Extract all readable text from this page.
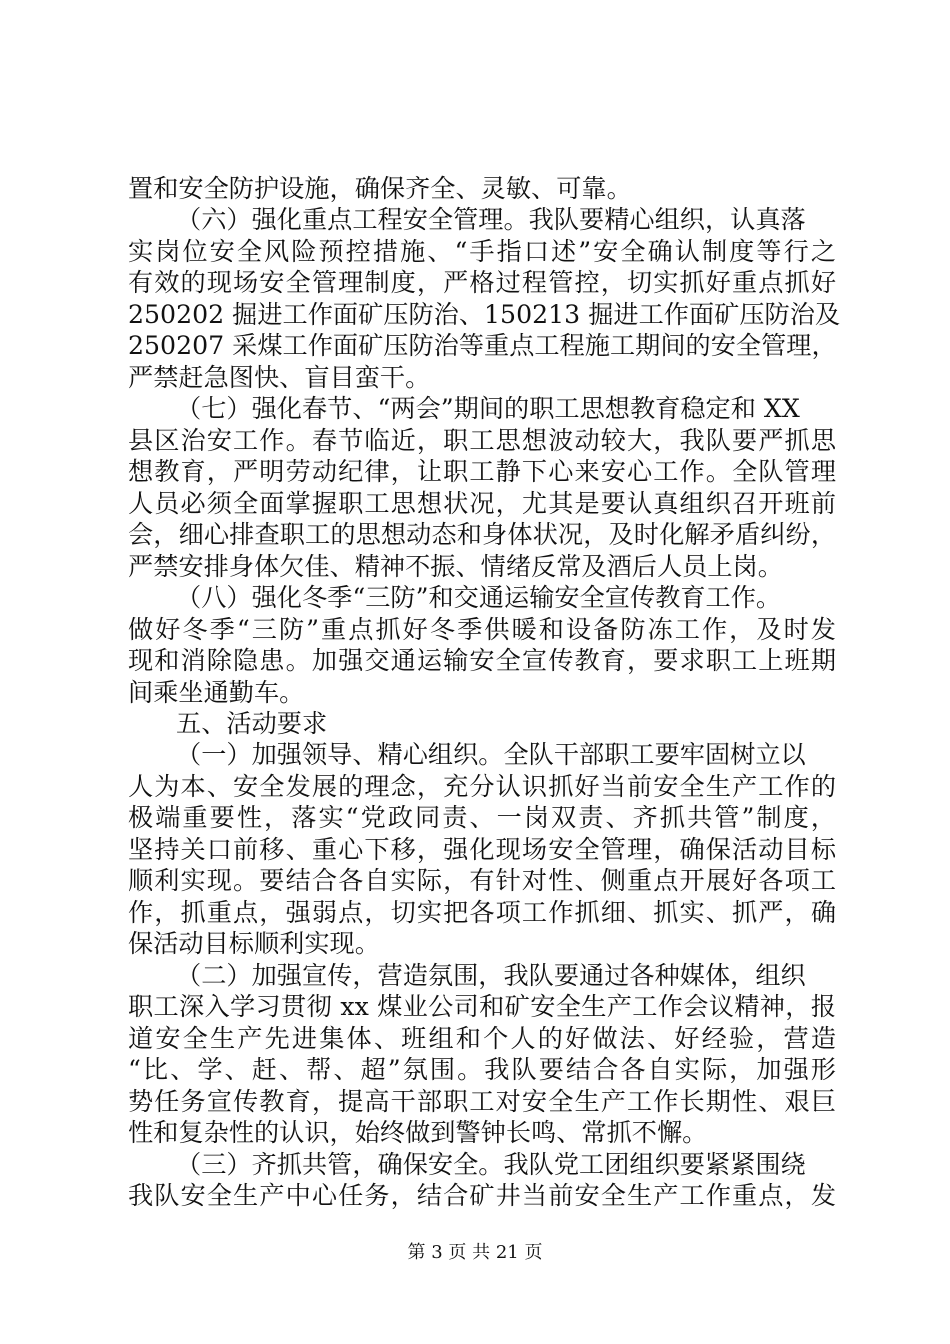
置和安全防护设施，确保齐全、灵敏、可靠。
（六）强化重点工程安全管理。我队要精心组织，认真落
实岗位安全风险预控措施、“手指口述”安全确认制度等行之
有效的现场安全管理制度，严格过程管控，切实抓好重点抓好
250202 掘进工作面矿压防治、150213 掘进工作面矿压防治及
250207 采煤工作面矿压防治等重点工程施工期间的安全管理，
严禁赶急图快、盲目蛮干。
（七）强化春节、“两会”期间的职工思想教育稳定和 XX
县区治安工作。春节临近，职工思想波动较大，我队要严抓思
想教育，严明劳动纪律，让职工静下心来安心工作。全队管理
人员必须全面掌握职工思想状况，尤其是要认真组织召开班前
会，细心排查职工的思想动态和身体状况，及时化解矛盾纠纷，
严禁安排身体欠佳、精神不振、情绪反常及酒后人员上岗。
（八）强化冬季“三防”和交通运输安全宣传教育工作。
做好冬季“三防”重点抓好冬季供暖和设备防冻工作，及时发
现和消除隐患。加强交通运输安全宣传教育，要求职工上班期
间乘坐通勤车。
五、活动要求
（一）加强领导、精心组织。全队干部职工要牢固树立以
人为本、安全发展的理念，充分认识抓好当前安全生产工作的
极端重要性，落实“党政同责、一岗双责、齐抓共管”制度，
坚持关口前移、重心下移，强化现场安全管理，确保活动目标
顺利实现。要结合各自实际，有针对性、侧重点开展好各项工
作，抓重点，强弱点，切实把各项工作抓细、抓实、抓严，确
保活动目标顺利实现。
（二）加强宣传，营造氛围，我队要通过各种媒体，组织
职工深入学习贯彻 xx 煤业公司和矿安全生产工作会议精神，报
道安全生产先进集体、班组和个人的好做法、好经验，营造
“比、学、赶、帮、超”氛围。我队要结合各自实际，加强形
势任务宣传教育，提高干部职工对安全生产工作长期性、艰巨
性和复杂性的认识，始终做到警钟长鸣、常抓不懈。
（三）齐抓共管，确保安全。我队党工团组织要紧紧围绕
我队安全生产中心任务，结合矿井当前安全生产工作重点，发
第 3 页 共 21 页
